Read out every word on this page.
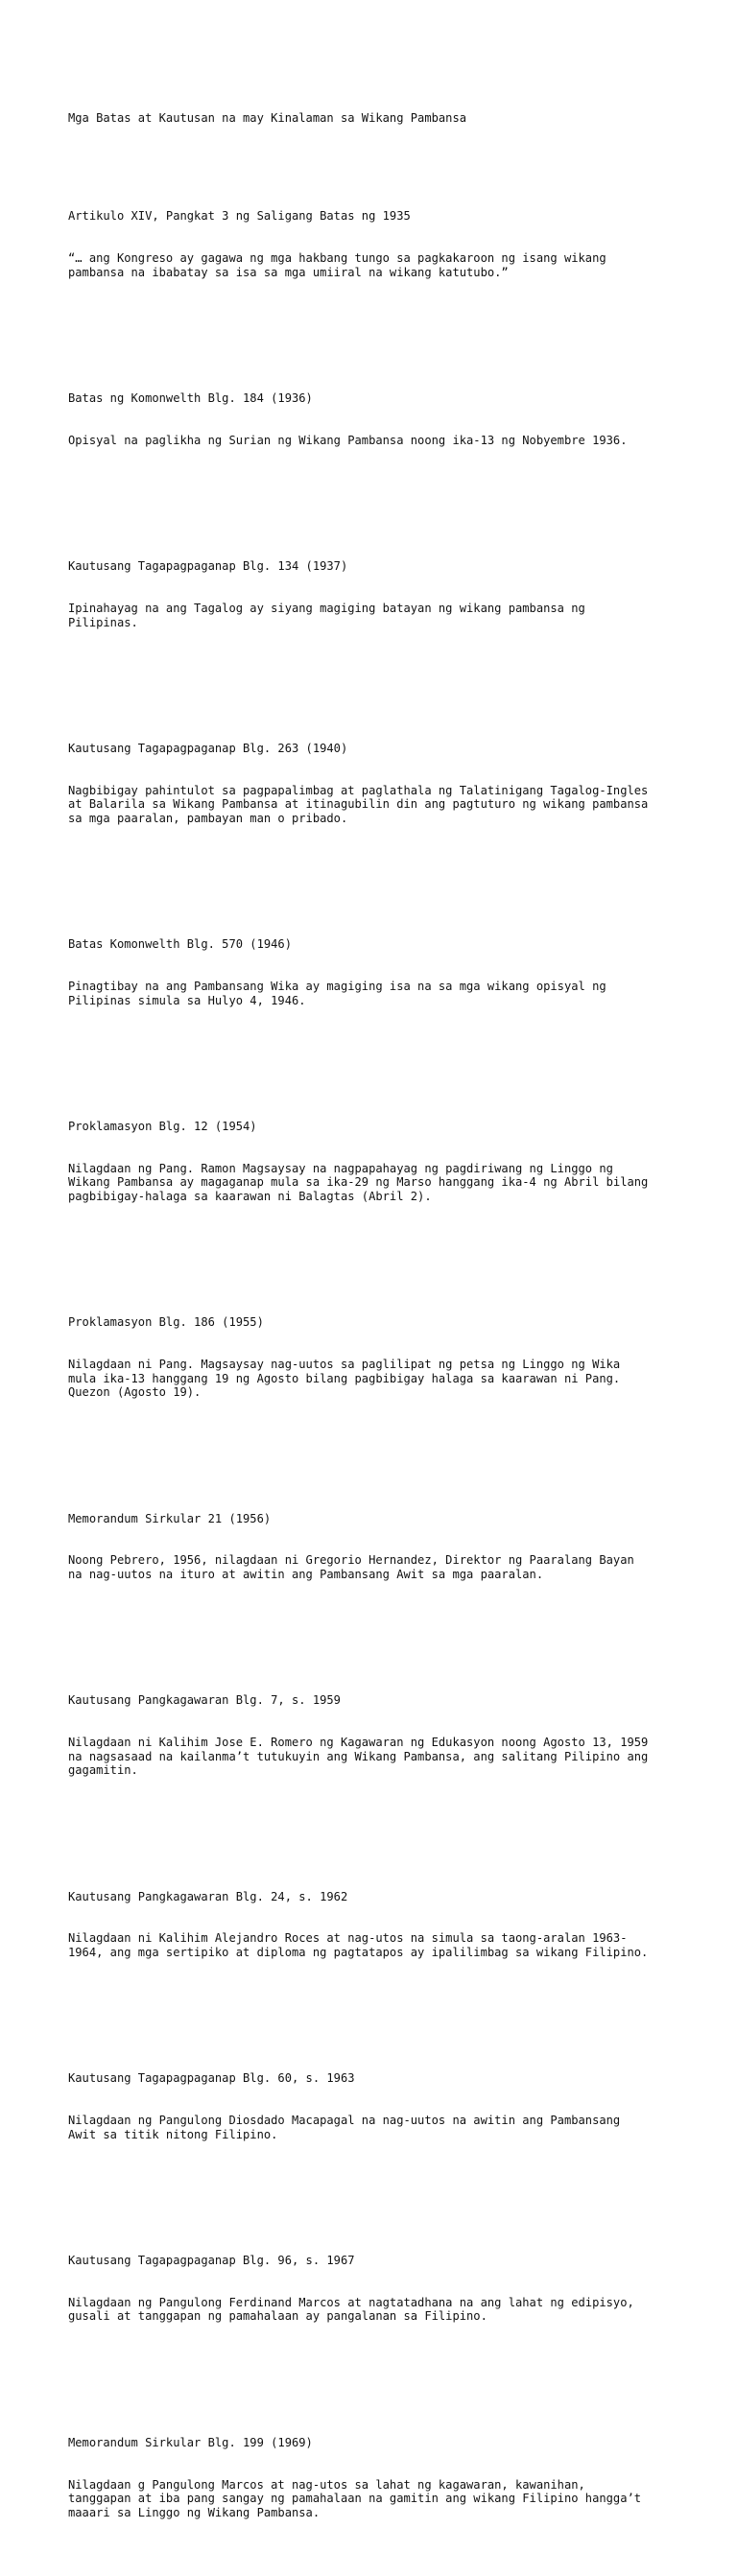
Mga Batas at Kautusan na may Kinalaman sa Wikang Pambansa

Artikulo XIV, Pangkat 3 ng Saligang Batas ng 1935

“… ang Kongreso ay gagawa ng mga hakbang tungo sa pagkakaroon ng isang wikang
pambansa na ibabatay sa isa sa mga umiiral na wikang katutubo.”

Batas ng Komonwelth Blg. 184 (1936)

Opisyal na paglikha ng Surian ng Wikang Pambansa noong ika-13 ng Nobyembre 1936.

Kautusang Tagapagpaganap Blg. 134 (1937)

Ipinahayag na ang Tagalog ay siyang magiging batayan ng wikang pambansa ng
Pilipinas.

Kautusang Tagapagpaganap Blg. 263 (1940)

Nagbibigay pahintulot sa pagpapalimbag at paglathala ng Talatinigang Tagalog-Ingles
at Balarila sa Wikang Pambansa at itinagubilin din ang pagtuturo ng wikang pambansa
sa mga paaralan, pambayan man o pribado.

Batas Komonwelth Blg. 570 (1946)

Pinagtibay na ang Pambansang Wika ay magiging isa na sa mga wikang opisyal ng
Pilipinas simula sa Hulyo 4, 1946.

Proklamasyon Blg. 12 (1954)

Nilagdaan ng Pang. Ramon Magsaysay na nagpapahayag ng pagdiriwang ng Linggo ng
Wikang Pambansa ay magaganap mula sa ika-29 ng Marso hanggang ika-4 ng Abril bilang
pagbibigay-halaga sa kaarawan ni Balagtas (Abril 2).

Proklamasyon Blg. 186 (1955)

Nilagdaan ni Pang. Magsaysay nag-uutos sa paglilipat ng petsa ng Linggo ng Wika
mula ika-13 hanggang 19 ng Agosto bilang pagbibigay halaga sa kaarawan ni Pang.
Quezon (Agosto 19).

Memorandum Sirkular 21 (1956)

Noong Pebrero, 1956, nilagdaan ni Gregorio Hernandez, Direktor ng Paaralang Bayan
na nag-uutos na ituro at awitin ang Pambansang Awit sa mga paaralan.

Kautusang Pangkagawaran Blg. 7, s. 1959

Nilagdaan ni Kalihim Jose E. Romero ng Kagawaran ng Edukasyon noong Agosto 13, 1959
na nagsasaad na kailanma’t tutukuyin ang Wikang Pambansa, ang salitang Pilipino ang
gagamitin.

Kautusang Pangkagawaran Blg. 24, s. 1962

Nilagdaan ni Kalihim Alejandro Roces at nag-utos na simula sa taong-aralan 1963-
1964, ang mga sertipiko at diploma ng pagtatapos ay ipalilimbag sa wikang Filipino.

Kautusang Tagapagpaganap Blg. 60, s. 1963

Nilagdaan ng Pangulong Diosdado Macapagal na nag-uutos na awitin ang Pambansang
Awit sa titik nitong Filipino.

Kautusang Tagapagpaganap Blg. 96, s. 1967

Nilagdaan ng Pangulong Ferdinand Marcos at nagtatadhana na ang lahat ng edipisyo,
gusali at tanggapan ng pamahalaan ay pangalanan sa Filipino.

Memorandum Sirkular Blg. 199 (1969)

Nilagdaan g Pangulong Marcos at nag-utos sa lahat ng kagawaran, kawanihan,
tanggapan at iba pang sangay ng pamahalaan na gamitin ang wikang Filipino hangga’t
maaari sa Linggo ng Wikang Pambansa.
